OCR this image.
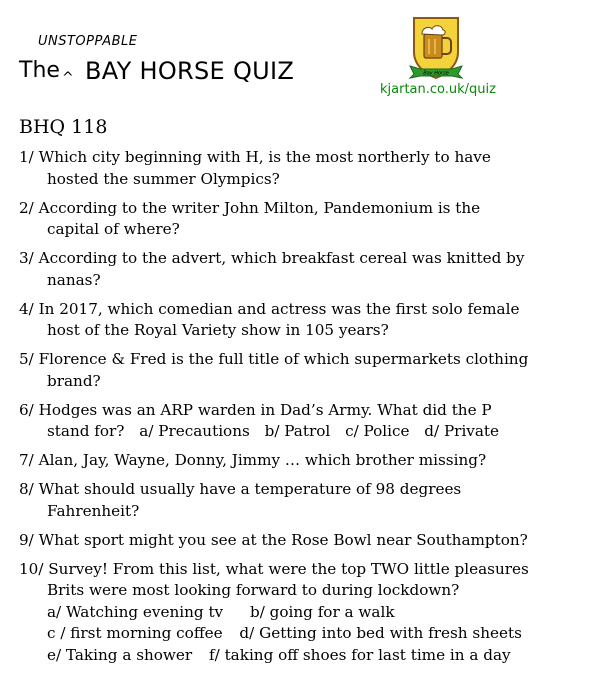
UNSTOPPABLE
The ^ BAY HORSE QUIZ	Bay Horse
kjartan.co.uk/quiz
BHQ 118
1/ Which city beginning with H, is the most northerly to have
hosted the summer Olympics?
2/ According to the writer John Milton, Pandemonium is the
capital of where?
3/ According to the advert, which breakfast cereal was knitted by
nanas?
4/ In 2017, which comedian and actress was the first solo female
host of the Royal Variety show in 105 years?
5/ Florence & Fred is the full title of which supermarkets clothing
brand?
6/ Hodges was an ARP warden in Dad’s Army. What did the P
stand for? a/ Precautions b/ Patrol c/ Police d/ Private
7/ Alan, Jay, Wayne, Donny, Jimmy … which brother missing?
8/ What should usually have a temperature of 98 degrees
Fahrenheit?
9/ What sport might you see at the Rose Bowl near Southampton?
10/ Survey! From this list, what were the top TWO little pleasures
Brits were most looking forward to during lockdown?
a/ Watching evening tv b/ going for a walk
c / first morning coffee d/ Getting into bed with fresh sheets
e/ Taking a shower f/ taking off shoes for last time in a day
